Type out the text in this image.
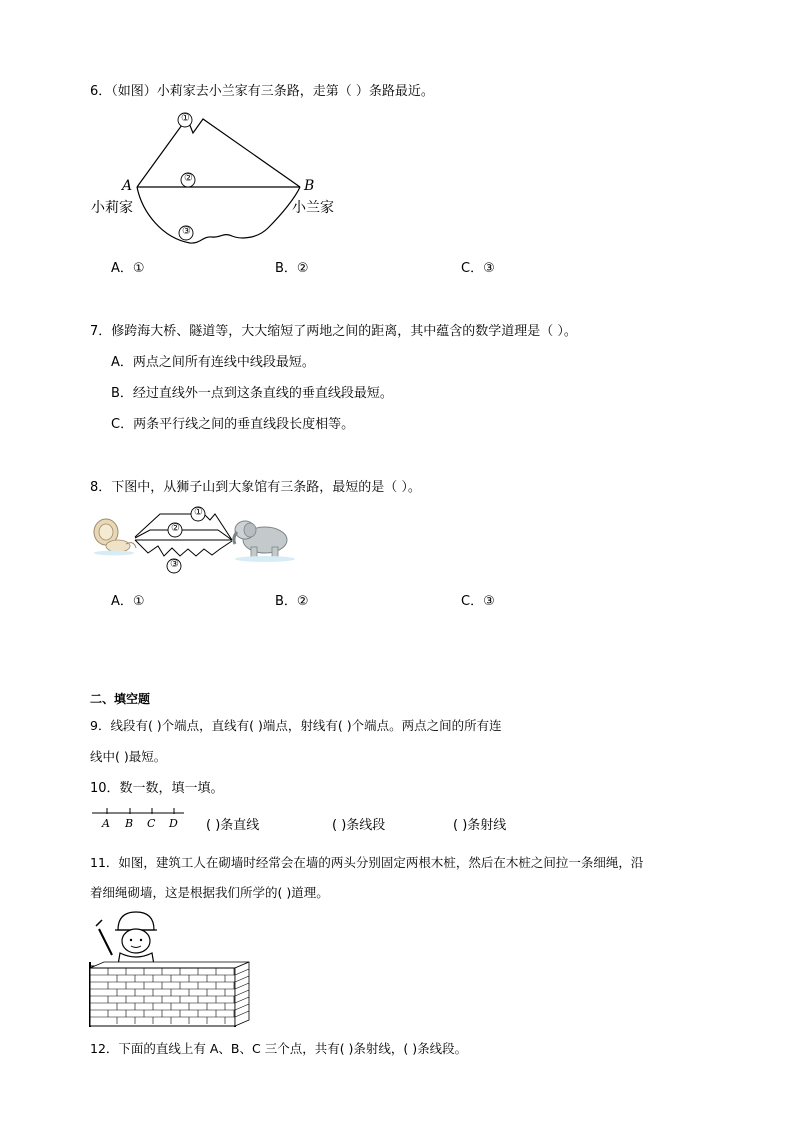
6．（如图）小莉家去小兰家有三条路，走第（ ）条路最近。
①
②
③
A	B
小莉家	小兰家
A．①	B．②	C．③
7．修跨海大桥、隧道等，大大缩短了两地之间的距离，其中蕴含的数学道理是（ ）。
A．两点之间所有连线中线段最短。
B．经过直线外一点到这条直线的垂直线段最短。
C．两条平行线之间的垂直线段长度相等。
8．下图中，从狮子山到大象馆有三条路，最短的是（ ）。
①
②
③
A．①	B．②	C．③
二、填空题
9．线段有( )个端点，直线有( )端点，射线有( )个端点。两点之间的所有连
线中( )最短。
10．数一数，填一填。
A B C D ( )条直线	( )条线段	( )条射线
11．如图，建筑工人在砌墙时经常会在墙的两头分别固定两根木桩，然后在木桩之间拉一条细绳，沿
着细绳砌墙，这是根据我们所学的( )道理。
12．下面的直线上有 A、B、C 三个点，共有( )条射线，( )条线段。
